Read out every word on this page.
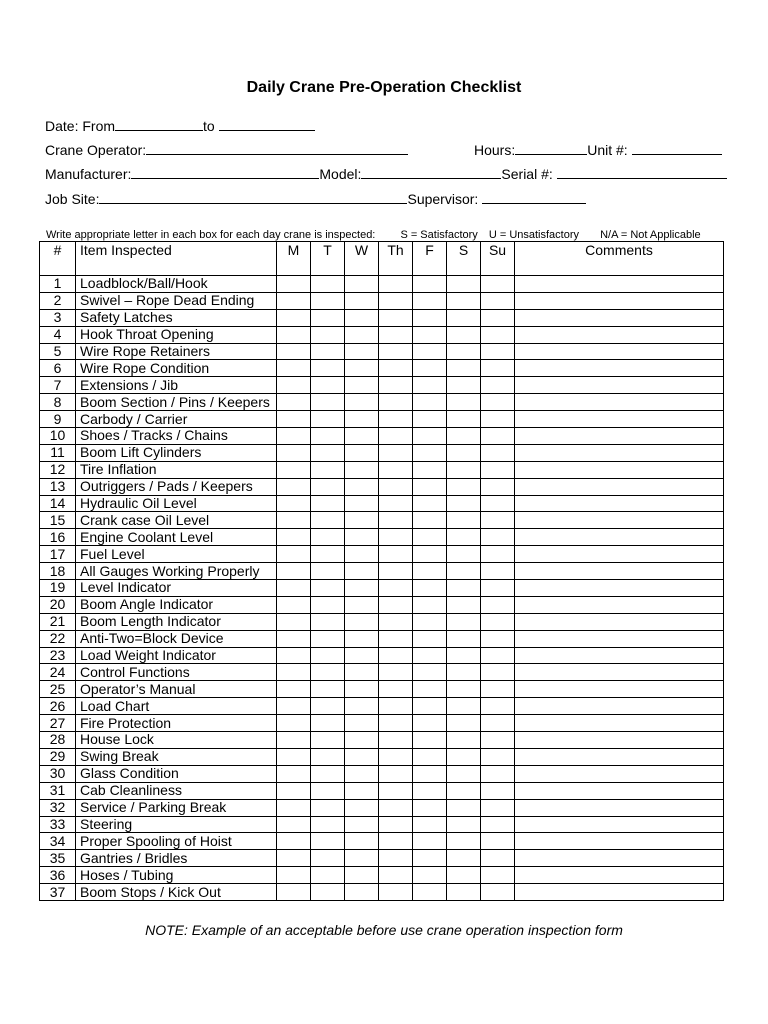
Daily Crane Pre-Operation Checklist
Date: From	to
Crane Operator:	Hours:	Unit #:
Manufacturer:	Model:	Serial #:
Job Site:	Supervisor:
Write appropriate letter in each box for each day crane is inspected: S = Satisfactory U = Unsatisfactory N/A = Not Applicable
#	Item Inspected	M	T	W	Th	F	S	Su	Comments
1	Loadblock/Ball/Hook								
2	Swivel – Rope Dead Ending								
3	Safety Latches								
4	Hook Throat Opening								
5	Wire Rope Retainers								
6	Wire Rope Condition								
7	Extensions / Jib								
8	Boom Section / Pins / Keepers								
9	Carbody / Carrier								
10	Shoes / Tracks / Chains								
11	Boom Lift Cylinders								
12	Tire Inflation								
13	Outriggers / Pads / Keepers								
14	Hydraulic Oil Level								
15	Crank case Oil Level								
16	Engine Coolant Level								
17	Fuel Level								
18	All Gauges Working Properly								
19	Level Indicator								
20	Boom Angle Indicator								
21	Boom Length Indicator								
22	Anti-Two=Block Device								
23	Load Weight Indicator								
24	Control Functions								
25	Operator’s Manual								
26	Load Chart								
27	Fire Protection								
28	House Lock								
29	Swing Break								
30	Glass Condition								
31	Cab Cleanliness								
32	Service / Parking Break								
33	Steering								
34	Proper Spooling of Hoist								
35	Gantries / Bridles								
36	Hoses / Tubing								
37	Boom Stops / Kick Out								
NOTE: Example of an acceptable before use crane operation inspection form
